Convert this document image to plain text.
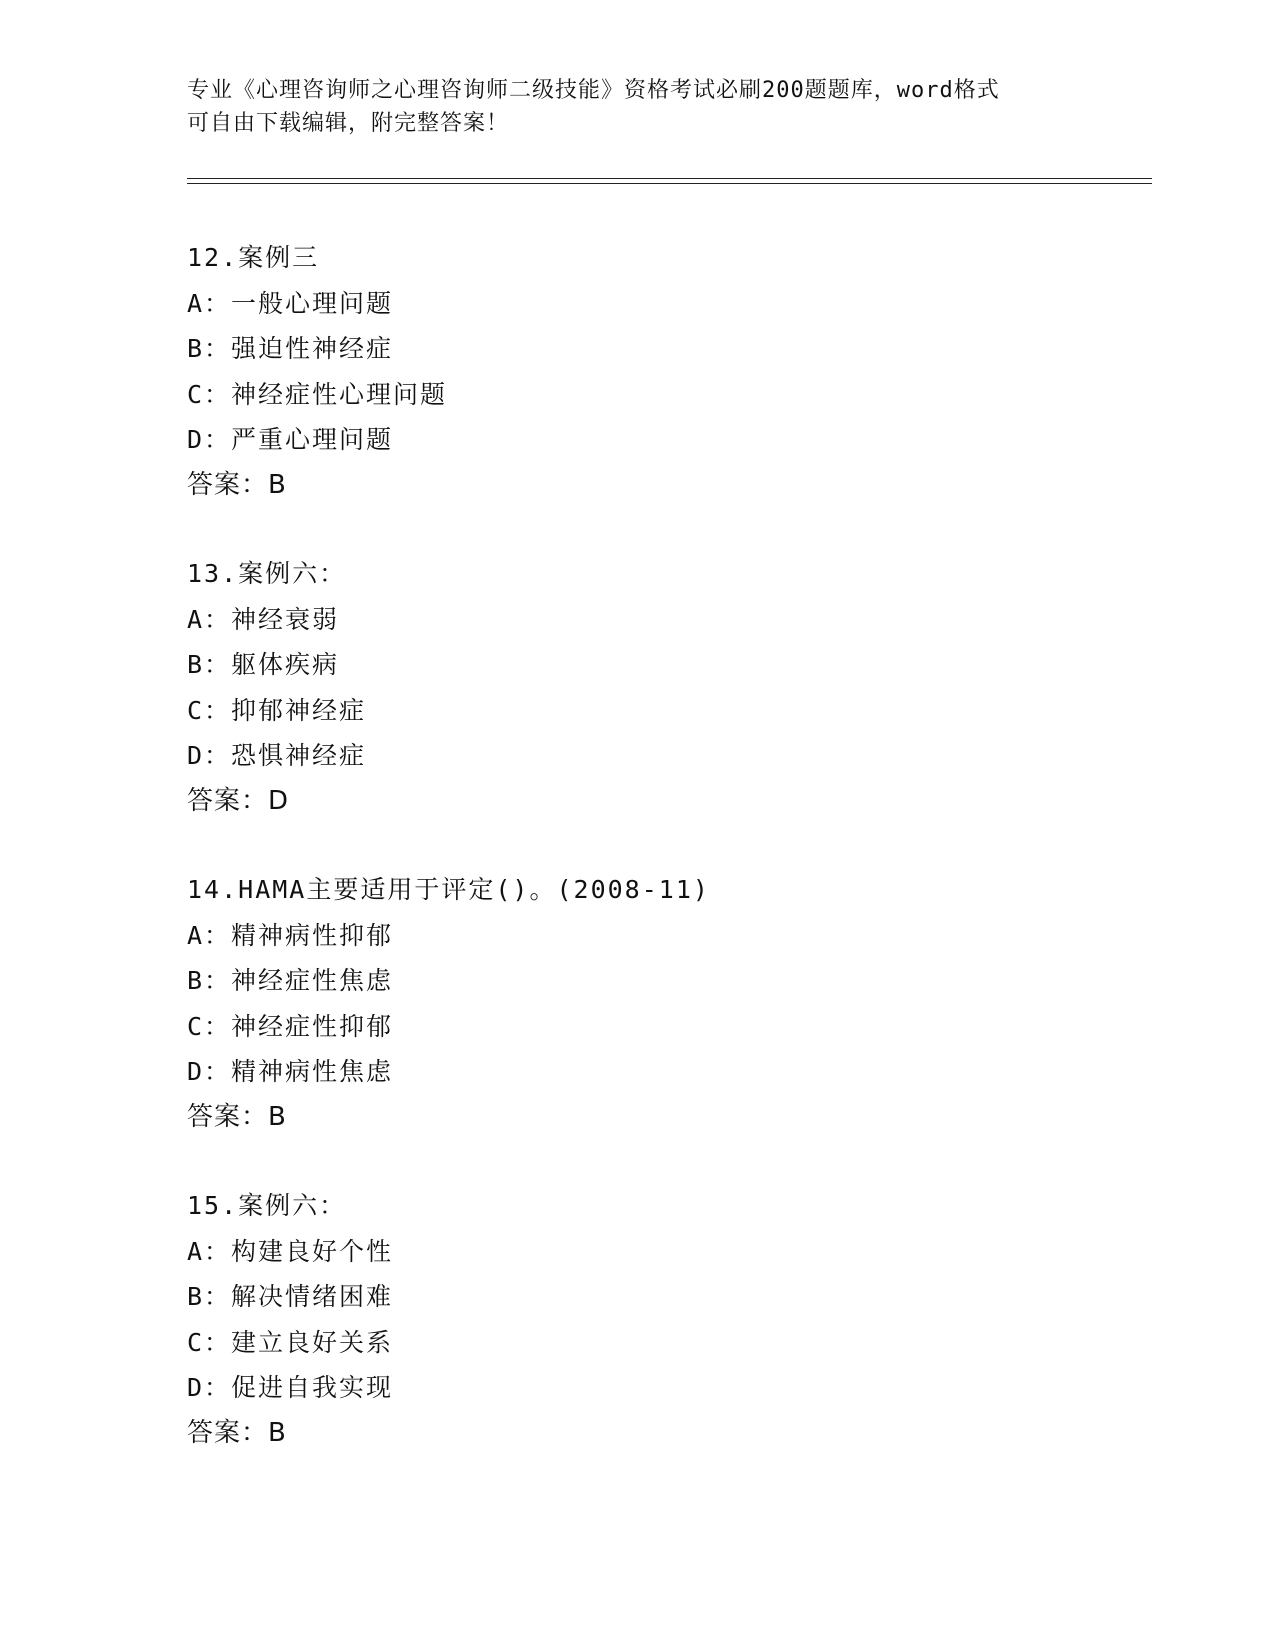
专业《心理咨询师之心理咨询师二级技能》资格考试必刷200题题库，word格式
可自由下载编辑，附完整答案！
12.案例三
A：一般心理问题
B：强迫性神经症
C：神经症性心理问题
D：严重心理问题
答案：B
13.案例六：
A：神经衰弱
B：躯体疾病
C：抑郁神经症
D：恐惧神经症
答案：D
14.HAMA主要适用于评定()。(2008-11)
A：精神病性抑郁
B：神经症性焦虑
C：神经症性抑郁
D：精神病性焦虑
答案：B
15.案例六：
A：构建良好个性
B：解决情绪困难
C：建立良好关系
D：促进自我实现
答案：B
